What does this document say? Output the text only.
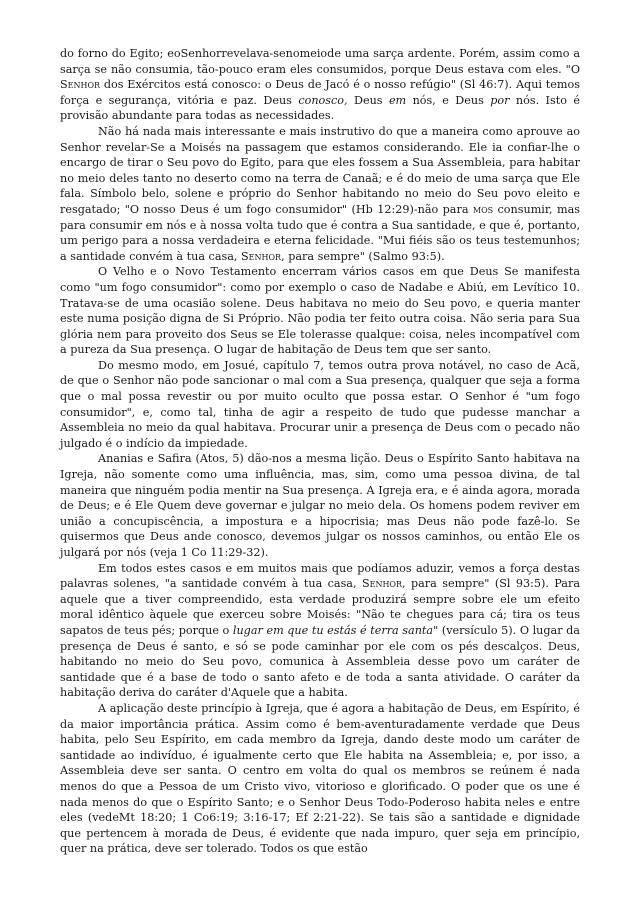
do forno do Egito; eoSenhorrevelava-senomeiode uma sarça ardente. Porém, assim como a sarça se não consumia, tão-pouco eram eles consumidos, porque Deus estava com eles. "O Senhor dos Exércitos está conosco: o Deus de Jacó é o nosso refúgio" (Sl 46:7). Aqui temos força e segurança, vitória e paz. Deus conosco, Deus em nós, e Deus por nós. Isto é provisão abundante para todas as necessidades.

Não há nada mais interessante e mais instrutivo do que a maneira como aprouve ao Senhor revelar-Se a Moisés na passagem que estamos considerando. Ele ia confiar-lhe o encargo de tirar o Seu povo do Egito, para que eles fossem a Sua Assembleia, para habitar no meio deles tanto no deserto como na terra de Canaã; e é do meio de uma sarça que Ele fala. Símbolo belo, solene e próprio do Senhor habitando no meio do Seu povo eleito e resgatado; "O nosso Deus é um fogo consumidor" (Hb 12:29)-não para mos consumir, mas para consumir em nós e à nossa volta tudo que é contra a Sua santidade, e que é, portanto, um perigo para a nossa verdadeira e eterna felicidade. "Mui fiéis são os teus testemunhos; a santidade convém à tua casa, Senhor, para sempre" (Salmo 93:5).

O Velho e o Novo Testamento encerram vários casos em que Deus Se manifesta como "um fogo consumidor": como por exemplo o caso de Nadabe e Abiú, em Levítico 10. Tratava-se de uma ocasião solene. Deus habitava no meio do Seu povo, e queria manter este numa posição digna de Si Próprio. Não podia ter feito outra coisa. Não seria para Sua glória nem para proveito dos Seus se Ele tolerasse qualque: coisa, neles incompatível com a pureza da Sua presença. O lugar de habitação de Deus tem que ser santo.

Do mesmo modo, em Josué, capítulo 7, temos outra prova notável, no caso de Acã, de que o Senhor não pode sancionar o mal com a Sua presença, qualquer que seja a forma que o mal possa revestir ou por muito oculto que possa estar. O Senhor é "um fogo consumidor", e, como tal, tinha de agir a respeito de tudo que pudesse manchar a Assembleia no meio da qual habitava. Procurar unir a presença de Deus com o pecado não julgado é o indício da impiedade.

Ananias e Safira (Atos, 5) dão-nos a mesma lição. Deus o Espírito Santo habitava na Igreja, não somente como uma influência, mas, sim, como uma pessoa divina, de tal maneira que ninguém podia mentir na Sua presença. A Igreja era, e é ainda agora, morada de Deus; e é Ele Quem deve governar e julgar no meio dela. Os homens podem reviver em união a concupiscência, a impostura e a hipocrisia; mas Deus não pode fazê-lo. Se quisermos que Deus ande conosco, devemos julgar os nossos caminhos, ou então Ele os julgará por nós (veja 1 Co 11:29-32).

Em todos estes casos e em muitos mais que podíamos aduzir, vemos a força destas palavras solenes, "a santidade convém à tua casa, Senhor, para sempre" (Sl 93:5). Para aquele que a tiver compreendido, esta verdade produzirá sempre sobre ele um efeito moral idêntico àquele que exerceu sobre Moisés: "Não te chegues para cá; tira os teus sapatos de teus pés; porque o lugar em que tu estás é terra santa" (versículo 5). O lugar da presença de Deus é santo, e só se pode caminhar por ele com os pés descalços. Deus, habitando no meio do Seu povo, comunica à Assembleia desse povo um caráter de santidade que é a base de todo o santo afeto e de toda a santa atividade. O caráter da habitação deriva do caráter d'Aquele que a habita.

A aplicação deste princípio à Igreja, que é agora a habitação de Deus, em Espírito, é da maior importância prática. Assim como é bem-aventuradamente verdade que Deus habita, pelo Seu Espírito, em cada membro da Igreja, dando deste modo um caráter de santidade ao indivíduo, é igualmente certo que Ele habita na Assembleia; e, por isso, a Assembleia deve ser santa. O centro em volta do qual os membros se reúnem é nada menos do que a Pessoa de um Cristo vivo, vitorioso e glorificado. O poder que os une é nada menos do que o Espírito Santo; e o Senhor Deus Todo-Poderoso habita neles e entre eles (vedeMt 18:20; 1 Co6:19; 3:16-17; Ef 2:21-22). Se tais são a santidade e dignidade que pertencem à morada de Deus, é evidente que nada impuro, quer seja em princípio, quer na prática, deve ser tolerado. Todos os que estão
